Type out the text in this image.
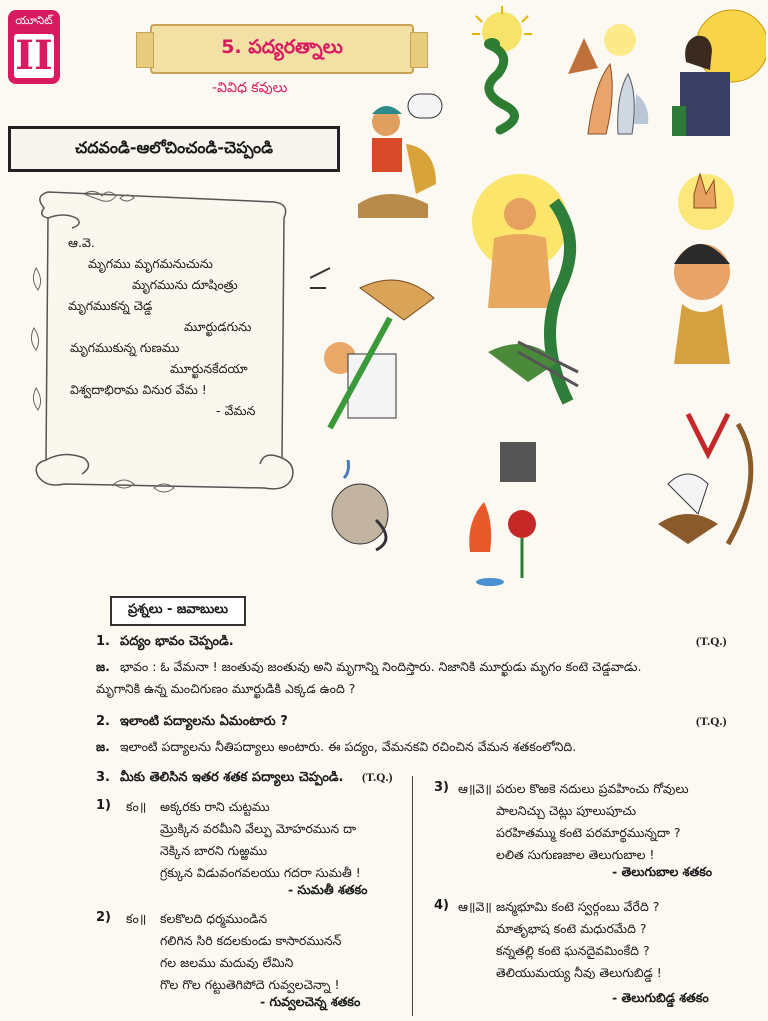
యూనిట్
II	5. పద్యరత్నాలు
-వివిధ కవులు
చదవండి-ఆలోచించండి-చెప్పండి
ఆ.వె.
మృగము మృగమనుచును
మృగమును దూషింత్రు
మృగముకన్న చెడ్డ
మూర్ఖుడగును
మృగముకున్న గుణము
మూర్ఖునకేదయా
విశ్వదాభిరామ వినుర వేమ !
- వేమన
ప్రశ్నలు - జవాబులు
1. పద్యం భావం చెప్పండి.	(T.Q.)
జ. భావం : ఓ వేమనా ! జంతువు జంతువు అని మృగాన్ని నిందిస్తారు. నిజానికి మూర్ఖుడు మృగం కంటె చెడ్డవాడు.
మృగానికి ఉన్న మంచిగుణం మూర్ఖుడికి ఎక్కడ ఉంది ?
2. ఇలాంటి పద్యాలను ఏమంటారు ?	(T.Q.)
జ. ఇలాంటి పద్యాలను నీతిపద్యాలు అంటారు. ఈ పద్యం, వేమనకవి రచించిన వేమన శతకంలోనిది.
3. మీకు తెలిసిన ఇతర శతక పద్యాలు చెప్పండి. (T.Q.)
1) కం॥ అక్కరకు రాని చుట్టము
మ్రొక్కిన వరమీని వేల్పు మోహరమున దా
నెక్కిన బారని గుఱ్ఱము
గ్రక్కున విడువంగవలయు గదరా సుమతీ !
- సుమతీ శతకం
2) కం॥ కలకొలది ధర్మముండిన
గలిగిన సిరి కదలకుండు కాసారమునన్
గల జలము మదువు లేమిని
గొల గొల గట్టుతెగిపోదె గువ్వలచెన్నా !
- గువ్వలచెన్న శతకం
3) ఆ॥వె॥ పరుల కొఱకె నదులు ప్రవహించు గోవులు
పాలనిచ్చు చెట్లు పూలుపూచు
పరహితమ్ము కంటె పరమార్థమున్నదా ?
లలిత సుగుణజాల తెలుగుబాల !
- తెలుగుబాల శతకం
4) ఆ॥వె॥ జన్మభూమి కంటె స్వర్గంబు వేరేది ?
మాతృభాష కంటె మధురమేది ?
కన్నతల్లి కంటె ఘనదైవమింకేది ?
తెలియుమయ్య నీవు తెలుగుబిడ్డ !
- తెలుగుబిడ్డ శతకం
